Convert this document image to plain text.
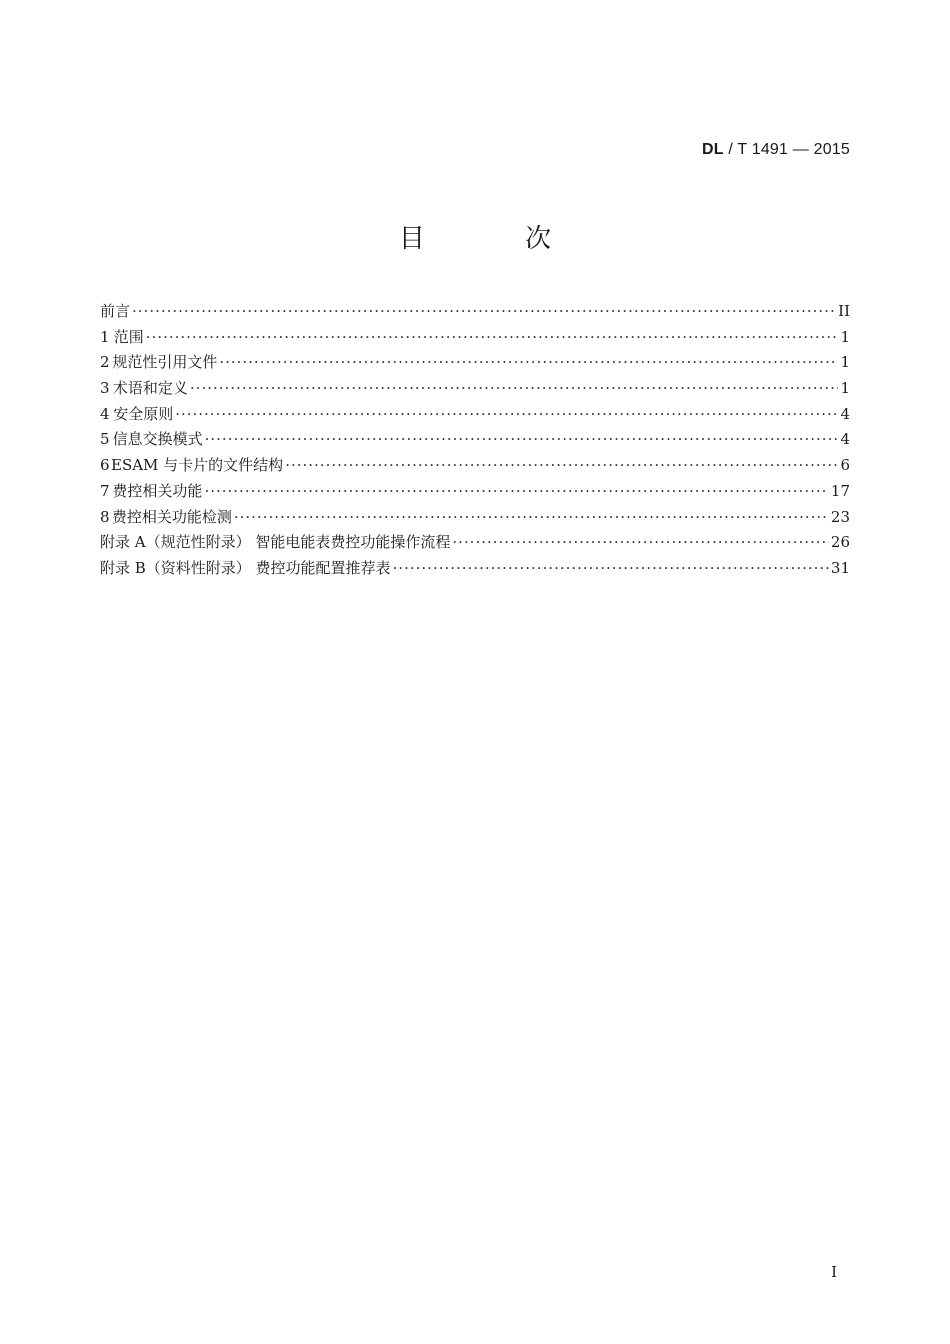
DL / T 1491 — 2015
目 次
前言 ·····	II
1 范围 ·····	1
2 规范性引用文件 ·····	1
3 术语和定义 ·····	1
4 安全原则 ·····	4
5 信息交换模式 ·····	4
6 ESAM 与卡片的文件结构 ·····	6
7 费控相关功能 ·····	17
8 费控相关功能检测 ·····	23
附录 A（规范性附录） 智能电能表费控功能操作流程 ·····	26
附录 B（资料性附录） 费控功能配置推荐表 ·····	31
I
